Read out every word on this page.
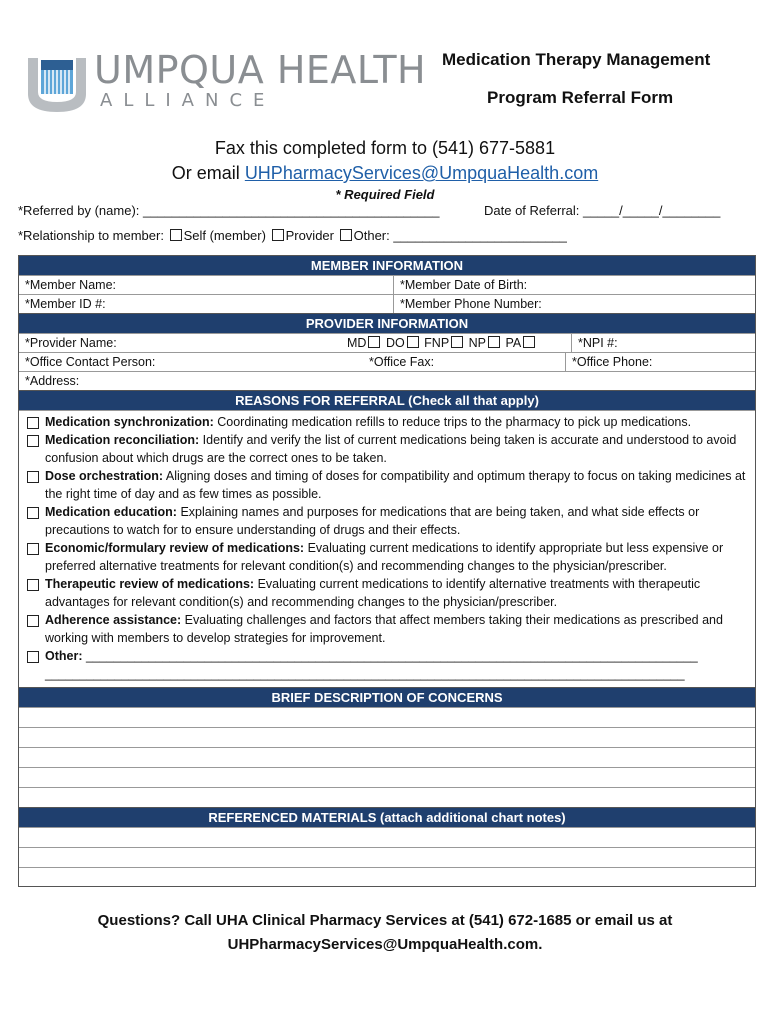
UMPQUA HEALTH
ALLIANCE
Medication Therapy Management
Program Referral Form
Fax this completed form to (541) 677-5881
Or email UHPharmacyServices@UmpquaHealth.com
* Required Field
*Referred by (name): _________________________________________	Date of Referral: _____/_____/________
*Relationship to member: Self (member) Provider Other: ________________________
MEMBER INFORMATION
*Member Name:	*Member Date of Birth:
*Member ID #:	*Member Phone Number:
PROVIDER INFORMATION
*Provider Name:	MD DO FNP NP PA	*NPI #:
*Office Contact Person:	*Office Fax:	*Office Phone:
*Address:
REASONS FOR REFERRAL (Check all that apply)
Medication synchronization: Coordinating medication refills to reduce trips to the pharmacy to pick up medications.
Medication reconciliation: Identify and verify the list of current medications being taken is accurate and understood to avoid confusion about which drugs are the correct ones to be taken.
Dose orchestration: Aligning doses and timing of doses for compatibility and optimum therapy to focus on taking medicines at the right time of day and as few times as possible.
Medication education: Explaining names and purposes for medications that are being taken, and what side effects or precautions to watch for to ensure understanding of drugs and their effects.
Economic/formulary review of medications: Evaluating current medications to identify appropriate but less expensive or preferred alternative treatments for relevant condition(s) and recommending changes to the physician/prescriber.
Therapeutic review of medications: Evaluating current medications to identify alternative treatments with therapeutic advantages for relevant condition(s) and recommending changes to the physician/prescriber.
Adherence assistance: Evaluating challenges and factors that affect members taking their medications as prescribed and working with members to develop strategies for improvement.
Other: ________________________________________________________________________________________ ____________________________________________________________________________________________
BRIEF DESCRIPTION OF CONCERNS
REFERENCED MATERIALS (attach additional chart notes)
Questions? Call UHA Clinical Pharmacy Services at (541) 672-1685 or email us at
UHPharmacyServices@UmpquaHealth.com.
